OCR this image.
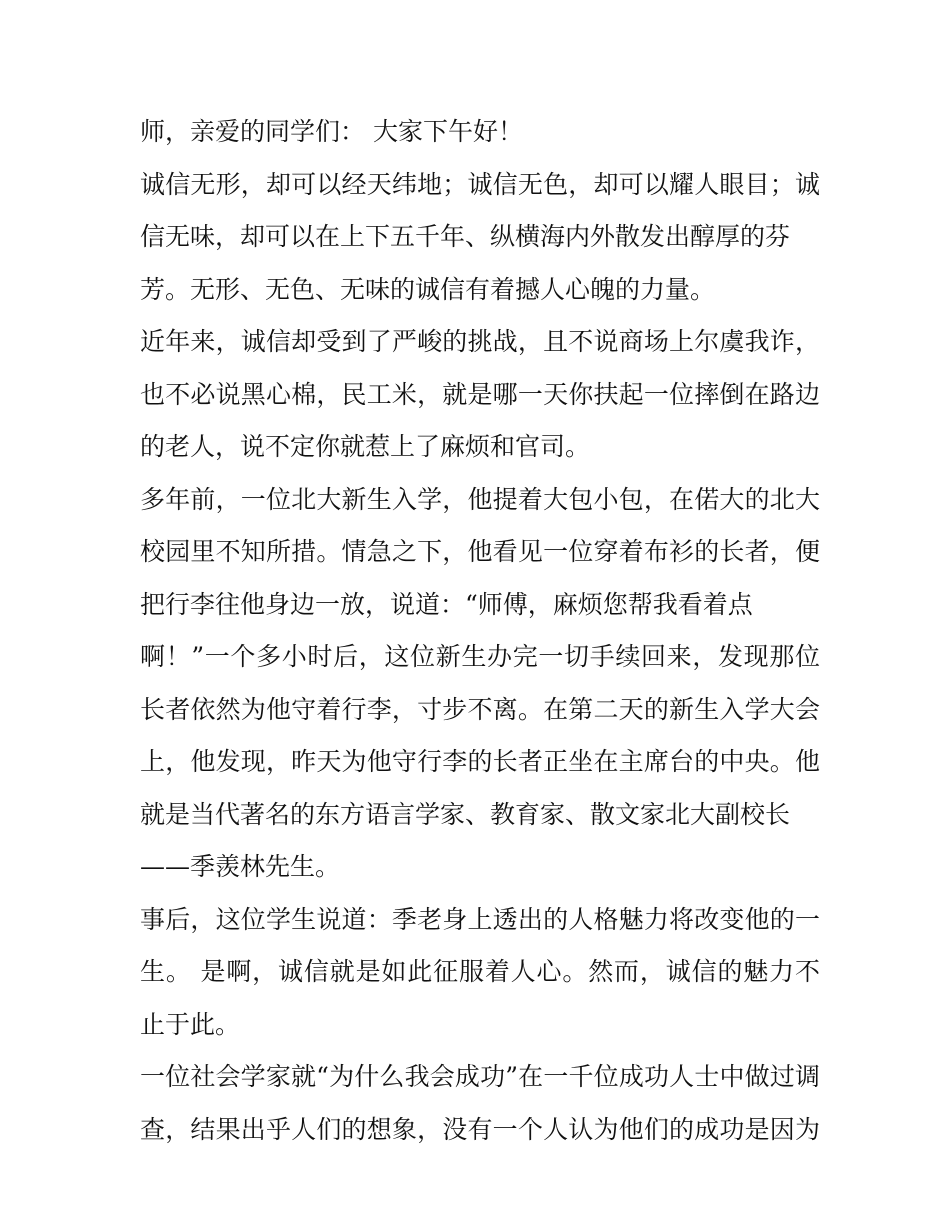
师，亲爱的同学们： 大家下午好！
诚信无形，却可以经天纬地；诚信无色，却可以耀人眼目；诚
信无味，却可以在上下五千年、纵横海内外散发出醇厚的芬
芳。无形、无色、无味的诚信有着撼人心魄的力量。
近年来，诚信却受到了严峻的挑战，且不说商场上尔虞我诈，
也不必说黑心棉，民工米，就是哪一天你扶起一位摔倒在路边
的老人，说不定你就惹上了麻烦和官司。
多年前，一位北大新生入学，他提着大包小包，在偌大的北大
校园里不知所措。情急之下，他看见一位穿着布衫的长者，便
把行李往他身边一放，说道：“师傅，麻烦您帮我看着点
啊！”一个多小时后，这位新生办完一切手续回来，发现那位
长者依然为他守着行李，寸步不离。在第二天的新生入学大会
上，他发现，昨天为他守行李的长者正坐在主席台的中央。他
就是当代著名的东方语言学家、教育家、散文家北大副校长
——季羡林先生。
事后，这位学生说道：季老身上透出的人格魅力将改变他的一
生。 是啊，诚信就是如此征服着人心。然而，诚信的魅力不
止于此。
一位社会学家就“为什么我会成功”在一千位成功人士中做过调
查，结果出乎人们的想象，没有一个人认为他们的成功是因为
